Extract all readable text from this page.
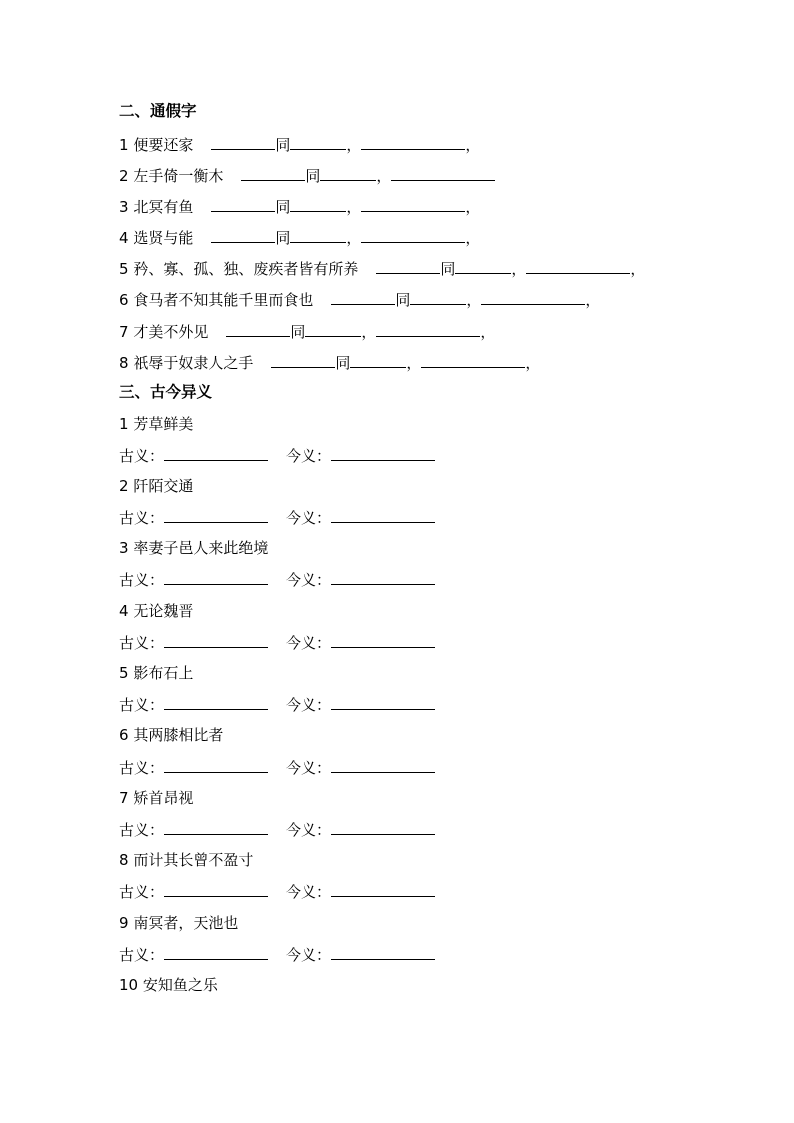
二、通假字
1 便要还家	同	，	，
2 左手倚一衡木	同	，
3 北冥有鱼	同	，	，
4 选贤与能	同	，	，
5 矜、寡、孤、独、废疾者皆有所养	同	，	，
6 食马者不知其能千里而食也	同	，	，
7 才美不外见	同	，	，
8 祇辱于奴隶人之手	同	，	，
三、古今异义
1 芳草鲜美
古义：	今义：
2 阡陌交通
古义：	今义：
3 率妻子邑人来此绝境
古义：	今义：
4 无论魏晋
古义：	今义：
5 影布石上
古义：	今义：
6 其两膝相比者
古义：	今义：
7 矫首昂视
古义：	今义：
8 而计其长曾不盈寸
古义：	今义：
9 南冥者，天池也
古义：	今义：
10 安知鱼之乐
